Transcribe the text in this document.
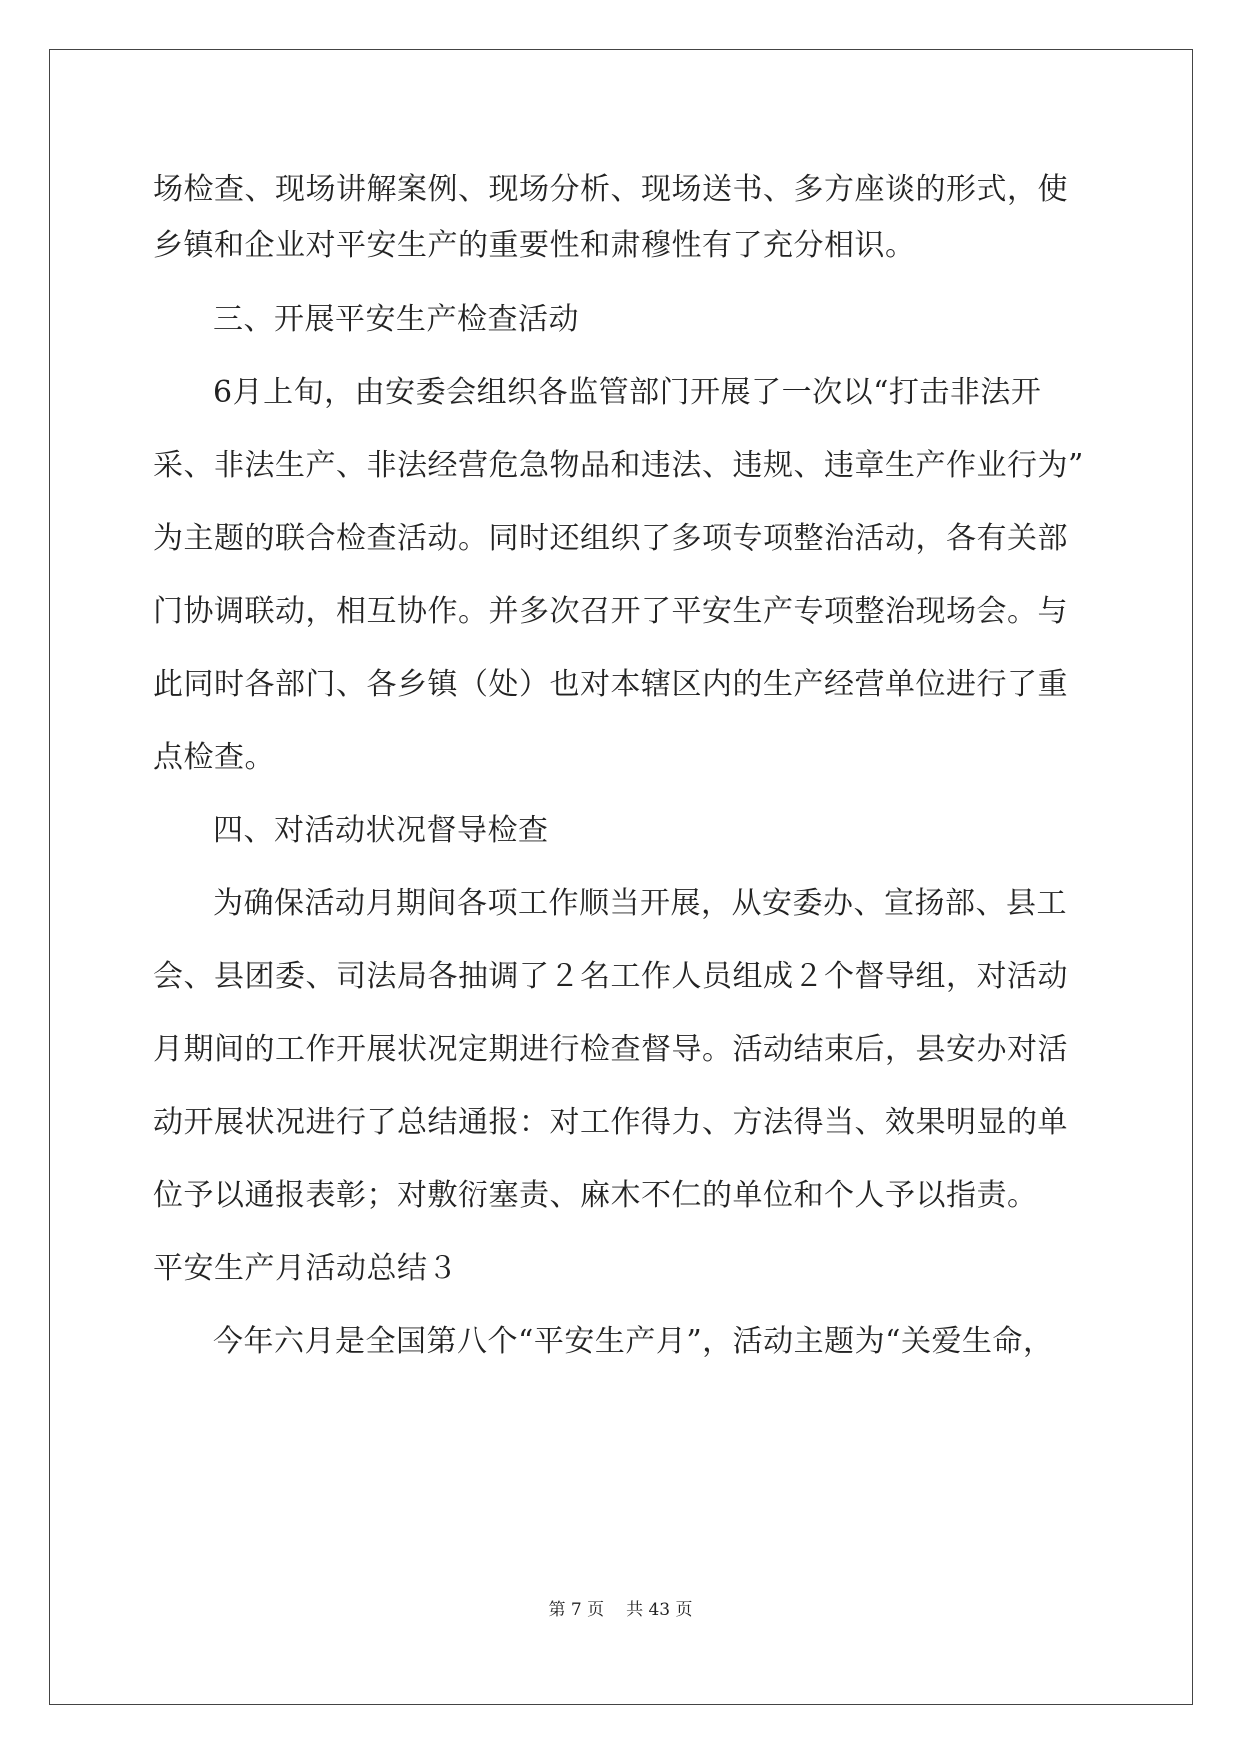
场检查、现场讲解案例、现场分析、现场送书、多方座谈的形式，使
乡镇和企业对平安生产的重要性和肃穆性有了充分相识。
三、开展平安生产检查活动
6月上旬，由安委会组织各监管部门开展了一次以“打击非法开
采、非法生产、非法经营危急物品和违法、违规、违章生产作业行为”
为主题的联合检查活动。同时还组织了多项专项整治活动，各有关部
门协调联动，相互协作。并多次召开了平安生产专项整治现场会。与
此同时各部门、各乡镇（处）也对本辖区内的生产经营单位进行了重
点检查。
四、对活动状况督导检查
为确保活动月期间各项工作顺当开展，从安委办、宣扬部、县工
会、县团委、司法局各抽调了２名工作人员组成２个督导组，对活动
月期间的工作开展状况定期进行检查督导。活动结束后，县安办对活
动开展状况进行了总结通报：对工作得力、方法得当、效果明显的单
位予以通报表彰；对敷衍塞责、麻木不仁的单位和个人予以指责。
平安生产月活动总结３
今年六月是全国第八个“平安生产月”，活动主题为“关爱生命，
第 7 页 共 43 页
